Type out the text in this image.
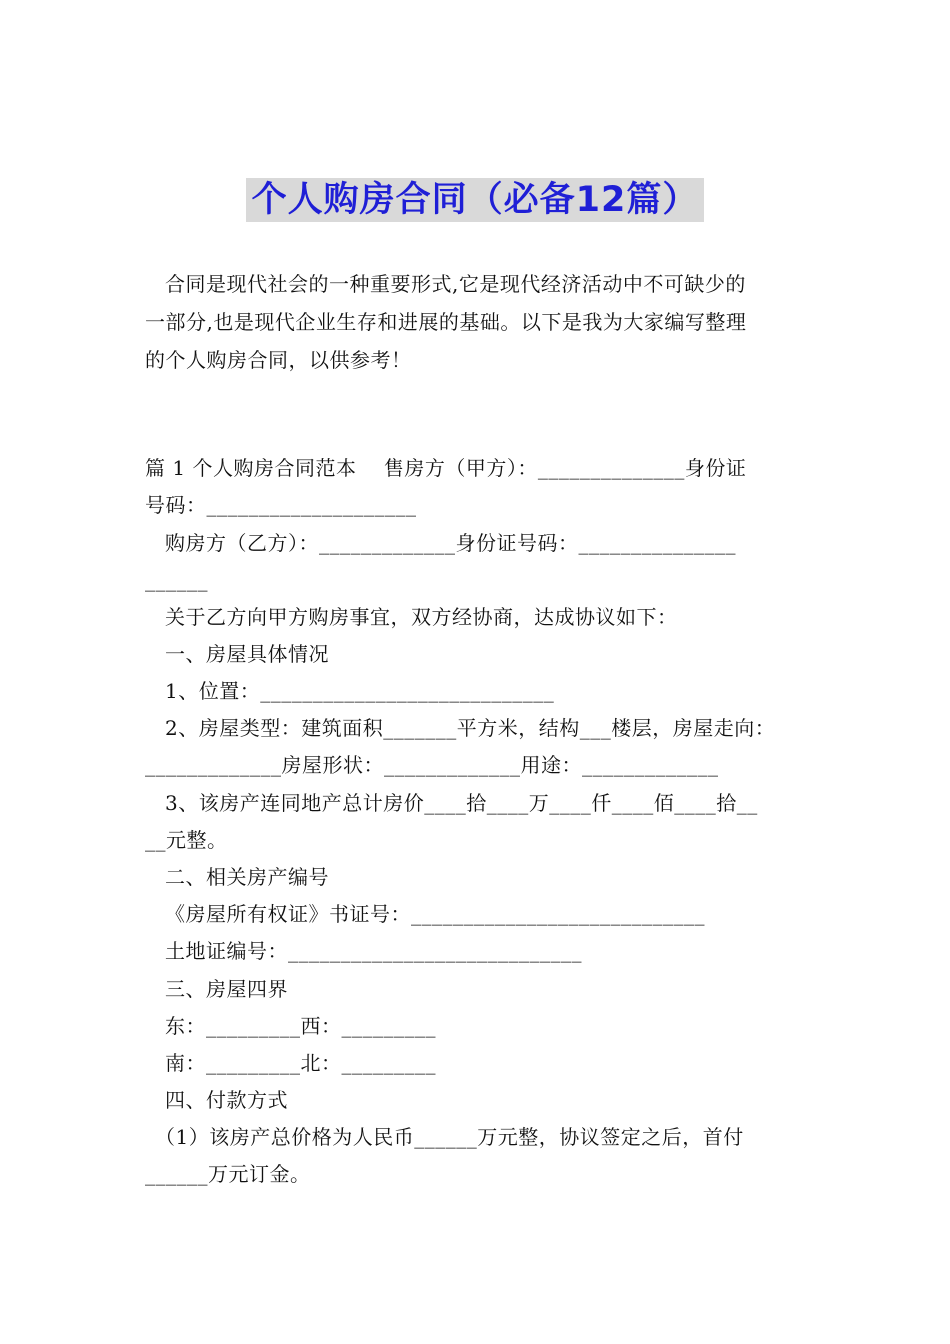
个人购房合同（必备12篇）
合同是现代社会的一种重要形式,它是现代经济活动中不可缺少的
一部分,也是现代企业生存和进展的基础。以下是我为大家编写整理
的个人购房合同，以供参考！
篇 1 个人购房合同范本    售房方（甲方）：______________身份证
号码：____________________
购房方（乙方）：_____________身份证号码：_______________
______
关于乙方向甲方购房事宜，双方经协商，达成协议如下：
一、房屋具体情况
1、位置：____________________________
2、房屋类型：建筑面积_______平方米，结构___楼层，房屋走向：
_____________房屋形状：_____________用途：_____________
3、该房产连同地产总计房价____拾____万____仟____佰____拾__
__元整。
二、相关房产编号
《房屋所有权证》书证号：____________________________
土地证编号：____________________________
三、房屋四界
东：_________西：_________
南：_________北：_________
四、付款方式
（1）该房产总价格为人民币______万元整，协议签定之后，首付
______万元订金。
